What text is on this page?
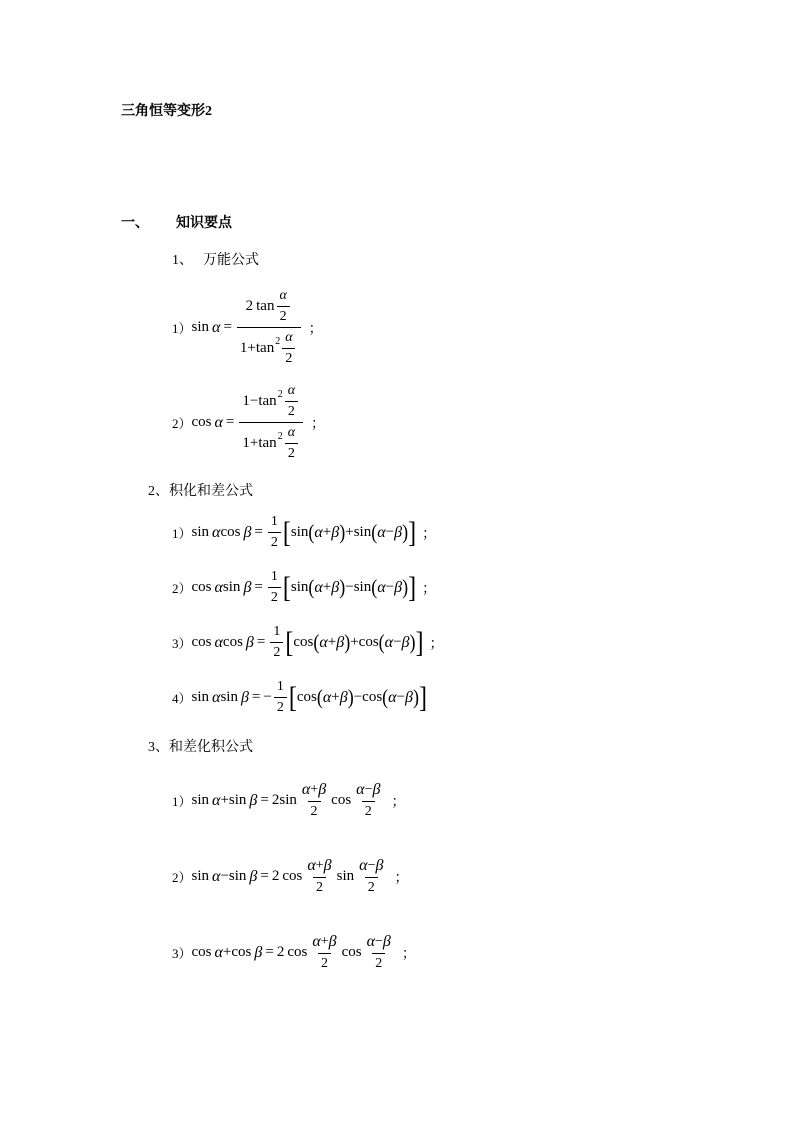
三角恒等变形2
一、 知识要点
1、 万能公式
1） $\sin \alpha = \frac{2 \tan \frac{\alpha}{2}}{1 + \tan 2 \frac{\alpha}{2}}$ ；
2） $\cos \alpha = \frac{1 - \tan 2 \frac{\alpha}{2}}{1 + \tan 2 \frac{\alpha}{2}}$ ；
2、积化和差公式
1） sin α $\cos \beta = \frac{1}{2}$ [ sin ( α + β ) + sin ( α − β ) ] ；
2） cos α $\sin \beta = \frac{1}{2}$ [ sin ( α + β ) − sin ( α − β ) ] ；
3） cos α $\cos \beta = \frac{1}{2}$ [ cos ( α + β ) + cos ( α − β ) ] ；
4） sin α sin β = − $\frac{1}{2}$ [ cos ( α + β ) − cos ( α − β ) ]
3、和差化积公式
1） sin α + sin β = 2 $\sin \frac{\alpha + \beta}{2}$ $\cos \frac{\alpha - \beta}{2}$ ；
2） sin α − sin β = 2 $\cos \frac{\alpha + \beta}{2}$ $\sin \frac{\alpha - \beta}{2}$ ；
3） cos α + cos β = 2 $\cos \frac{\alpha + \beta}{2}$ $\cos \frac{\alpha - \beta}{2}$ ；
